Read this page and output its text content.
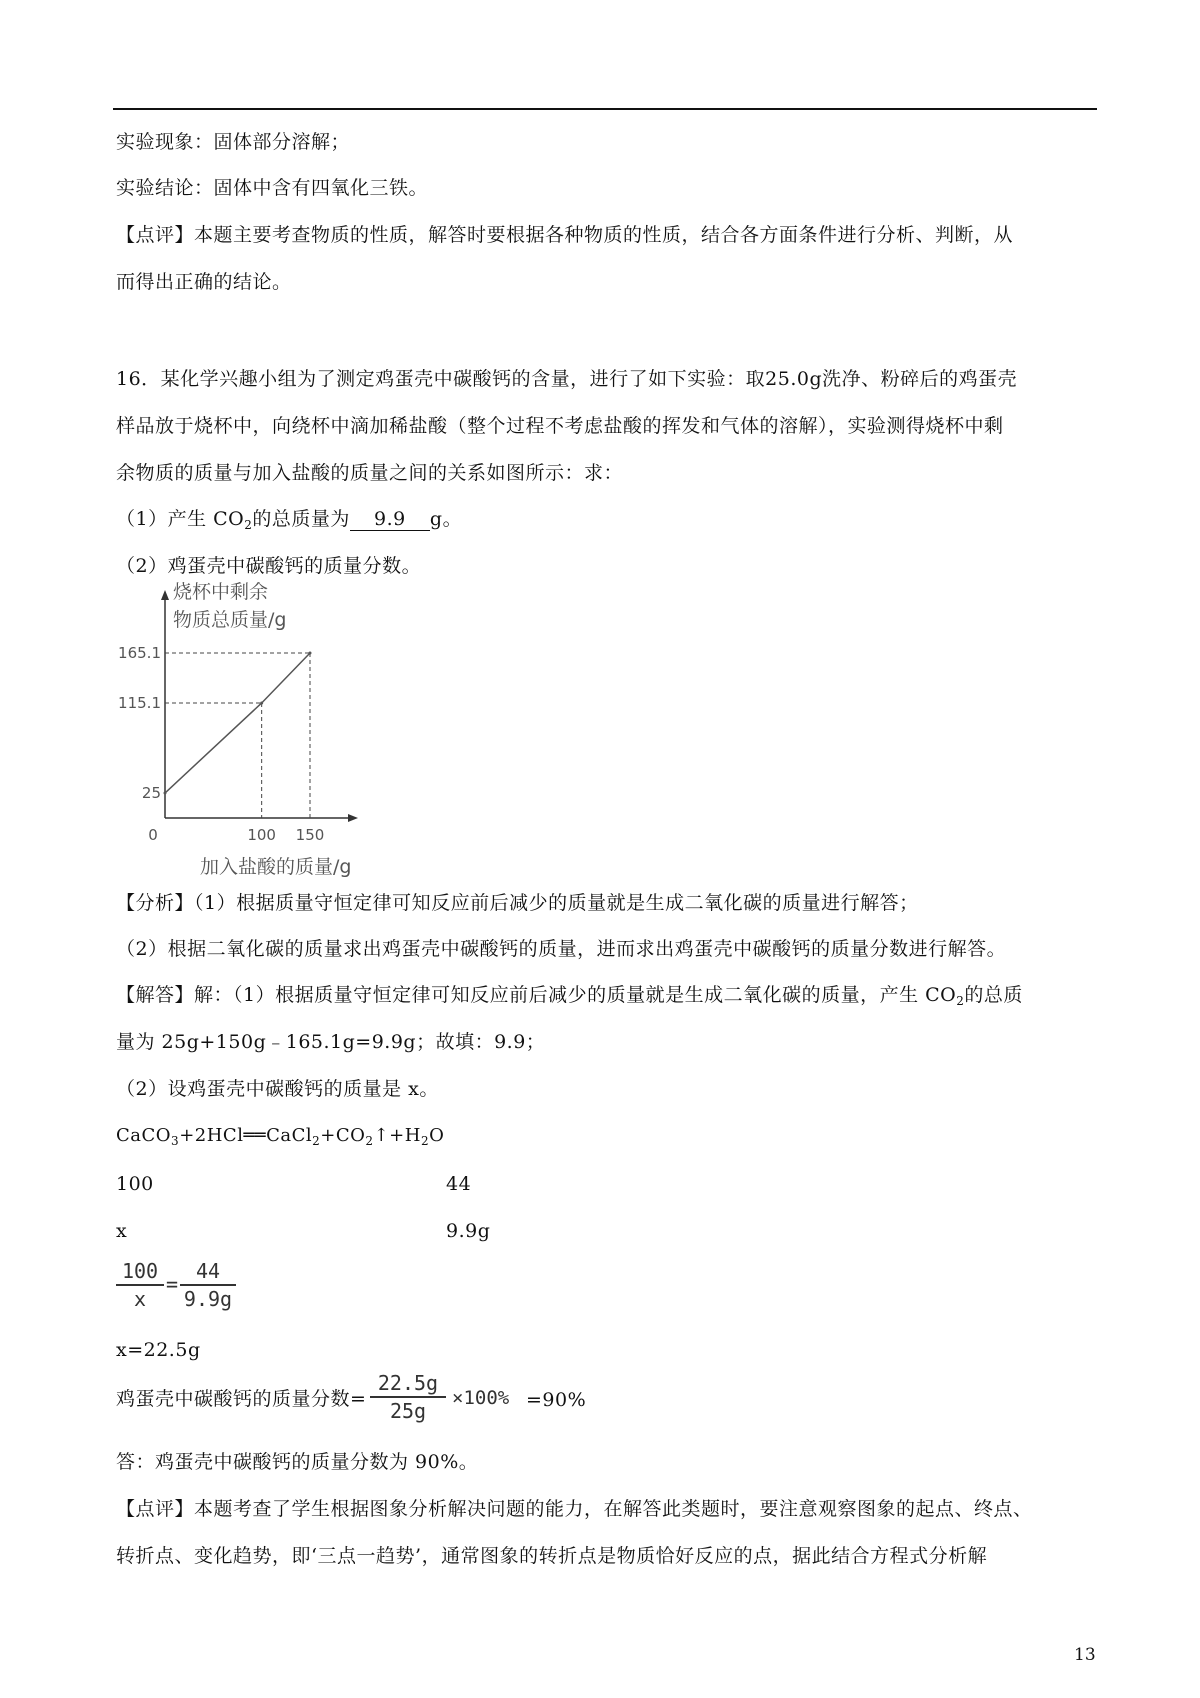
实验现象：固体部分溶解；
实验结论：固体中含有四氧化三铁。
【点评】本题主要考查物质的性质，解答时要根据各种物质的性质，结合各方面条件进行分析、判断，从
而得出正确的结论。
16．某化学兴趣小组为了测定鸡蛋壳中碳酸钙的含量，进行了如下实验：取25.0g洗净、粉碎后的鸡蛋壳
样品放于烧杯中，向绕杯中滴加稀盐酸（整个过程不考虑盐酸的挥发和气体的溶解），实验测得烧杯中剩
余物质的质量与加入盐酸的质量之间的关系如图所示：求：
（1）产生 $CO_2$的总质量为 9.9 g。
（2）鸡蛋壳中碳酸钙的质量分数。
25
115.1
165.1
0	100 150
烧杯中剩余
物质总质量/g
加入盐酸的质量/g
【分析】（1）根据质量守恒定律可知反应前后减少的质量就是生成二氧化碳的质量进行解答；
（2）根据二氧化碳的质量求出鸡蛋壳中碳酸钙的质量，进而求出鸡蛋壳中碳酸钙的质量分数进行解答。
【解答】解：（1）根据质量守恒定律可知反应前后减少的质量就是生成二氧化碳的质量，产生 $CO_2$的总质
量为 25g+150g﹣165.1g=9.9g；故填：9.9；
（2）设鸡蛋壳中碳酸钙的质量是 x。
$CaCO_3+2HCl══CaCl_2+CO_2↑+H_2O$
100	44
x	9.9g
100
x
=
44
9.9g
x=22.5g
鸡蛋壳中碳酸钙的质量分数=
22.5g
25g
×100% =90%
答：鸡蛋壳中碳酸钙的质量分数为 90%。
【点评】本题考查了学生根据图象分析解决问题的能力，在解答此类题时，要注意观察图象的起点、终点、
转折点、变化趋势，即‘三点一趋势’，通常图象的转折点是物质恰好反应的点，据此结合方程式分析解
13
